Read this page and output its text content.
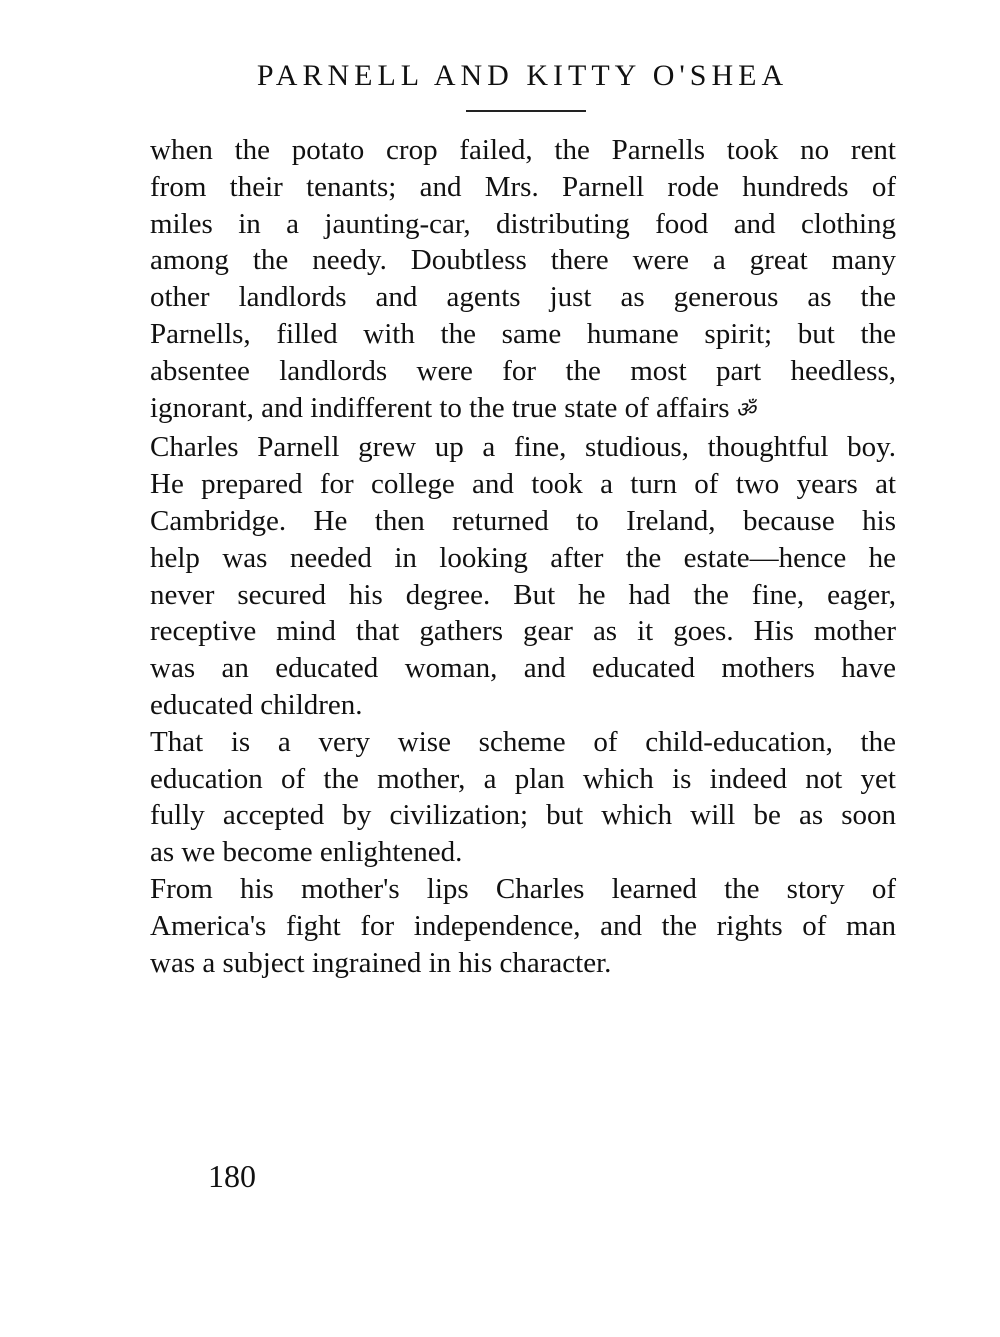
PARNELL AND KITTY O'SHEA

when the potato crop failed, the Parnells took no rent
from their tenants; and Mrs. Parnell rode hundreds of
miles in a jaunting-car, distributing food and clothing
among the needy. Doubtless there were a great many
other landlords and agents just as generous as the
Parnells, filled with the same humane spirit; but the
absentee landlords were for the most part heedless,
ignorant, and indifferent to the true state of affairs ॐ

Charles Parnell grew up a fine, studious, thoughtful boy.
He prepared for college and took a turn of two years at
Cambridge. He then returned to Ireland, because his
help was needed in looking after the estate—hence he
never secured his degree. But he had the fine, eager,
receptive mind that gathers gear as it goes. His mother
was an educated woman, and educated mothers have
educated children.

That is a very wise scheme of child-education, the
education of the mother, a plan which is indeed not yet
fully accepted by civilization; but which will be as soon
as we become enlightened.

From his mother's lips Charles learned the story of
America's fight for independence, and the rights of man
was a subject ingrained in his character.

180
